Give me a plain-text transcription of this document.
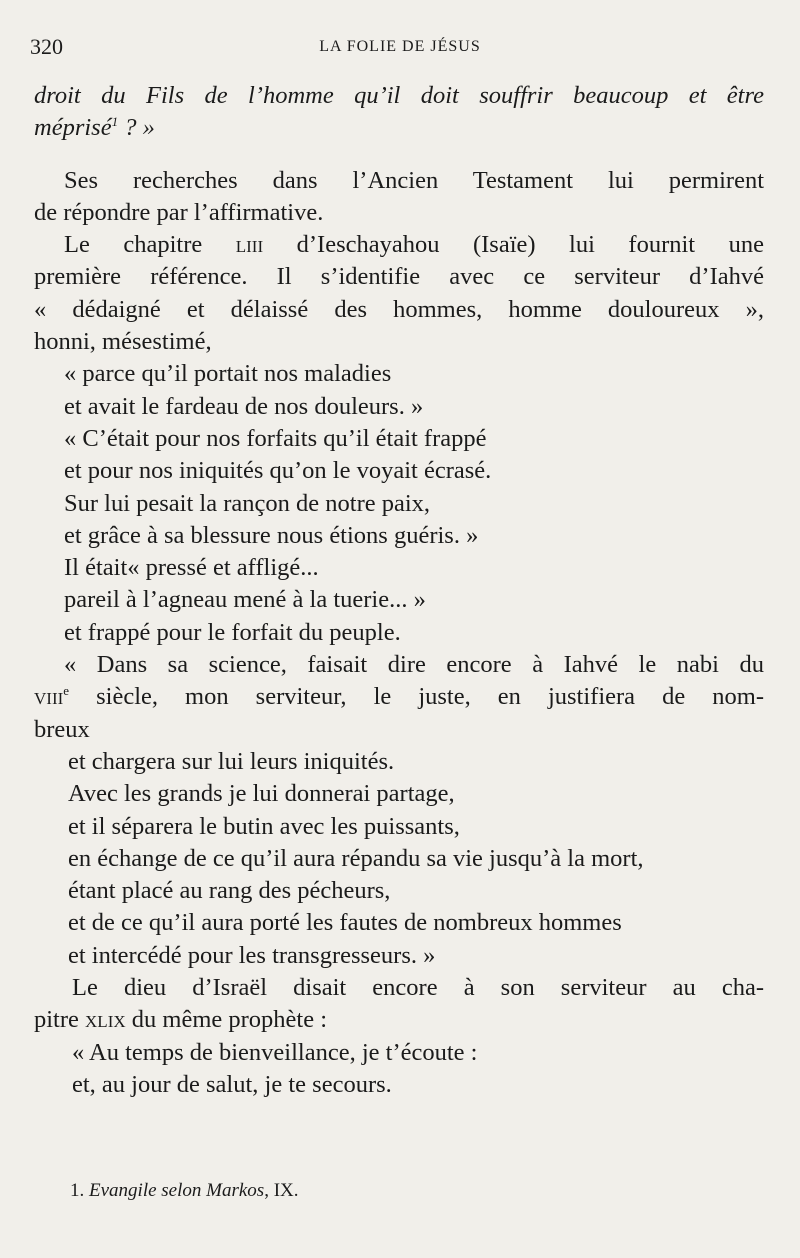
320	LA FOLIE DE JÉSUS
droit du Fils de l’homme qu’il doit souffrir beaucoup et être
méprisé$^1$ ? »
Ses recherches dans l’Ancien Testament lui permirent
de répondre par l’affirmative.
Le chapitre liii d’Ieschayahou (Isaïe) lui fournit une
première référence. Il s’identifie avec ce serviteur d’Iahvé
« dédaigné et délaissé des hommes, homme douloureux »,
honni, mésestimé,
« parce qu’il portait nos maladies
et avait le fardeau de nos douleurs. »
« C’était pour nos forfaits qu’il était frappé
et pour nos iniquités qu’on le voyait écrasé.
Sur lui pesait la rançon de notre paix,
et grâce à sa blessure nous étions guéris. »
Il était« pressé et affligé...
pareil à l’agneau mené à la tuerie... »
et frappé pour le forfait du peuple.
« Dans sa science, faisait dire encore à Iahvé le nabi du
viii$^e$ siècle, mon serviteur, le juste, en justifiera de nom-
breux
et chargera sur lui leurs iniquités.
Avec les grands je lui donnerai partage,
et il séparera le butin avec les puissants,
en échange de ce qu’il aura répandu sa vie jusqu’à la mort,
étant placé au rang des pécheurs,
et de ce qu’il aura porté les fautes de nombreux hommes
et intercédé pour les transgresseurs. »
Le dieu d’Israël disait encore à son serviteur au cha-
pitre xlix du même prophète :
« Au temps de bienveillance, je t’écoute :
et, au jour de salut, je te secours.
1. Evangile selon Markos, IX.
